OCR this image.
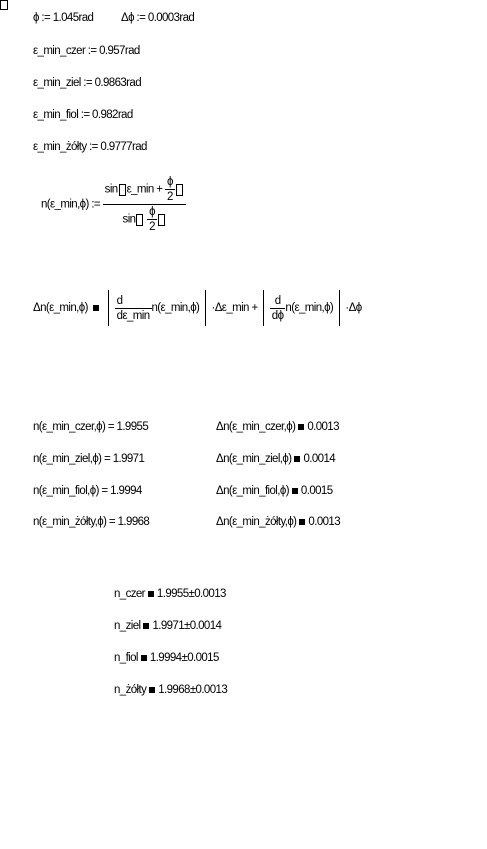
ϕ := 1.045rad Δϕ := 0.0003rad
ε_min_czer := 0.957rad
ε_min_ziel := 0.9863rad
ε_min_fiol := 0.982rad
ε_min_żółty := 0.9777rad
n(ε_min,ϕ) := $\frac{\sin \varepsilon\_\min + \frac{\phi}{2}}{\sin \frac{\phi}{2}}$
Δn(ε_min,ϕ) $\frac{d}{d\varepsilon\_\min}$ n(ε_min,ϕ) ·Δε_min + $\frac{d}{d\phi}$ n(ε_min,ϕ) ·Δϕ
n(ε_min_czer,ϕ) = 1.9955	Δn(ε_min_czer,ϕ) 0.0013
n(ε_min_ziel,ϕ) = 1.9971	Δn(ε_min_ziel,ϕ) 0.0014
n(ε_min_fiol,ϕ) = 1.9994	Δn(ε_min_fiol,ϕ) 0.0015
n(ε_min_żółty,ϕ) = 1.9968	Δn(ε_min_żółty,ϕ) 0.0013
n_czer 1.9955±0.0013
n_ziel 1.9971±0.0014
n_fiol 1.9994±0.0015
n_żółty 1.9968±0.0013
